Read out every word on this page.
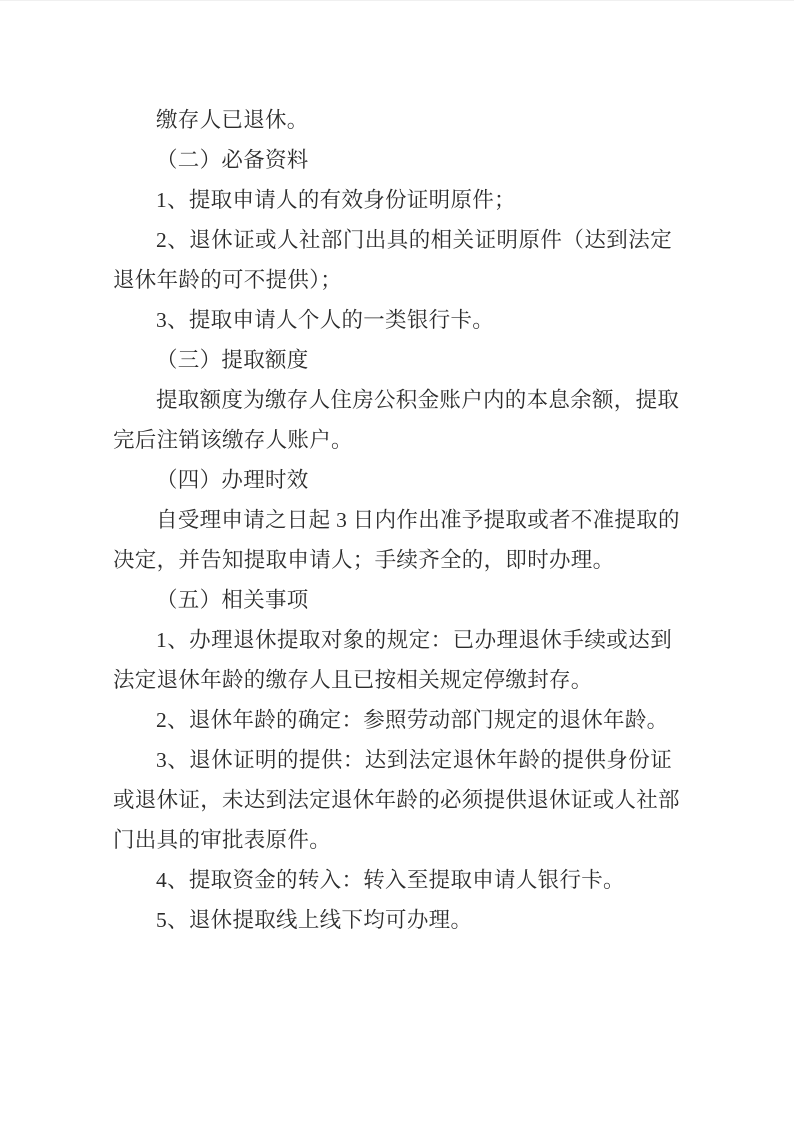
缴存人已退休。
（二）必备资料
1、提取申请人的有效身份证明原件；
2、退休证或人社部门出具的相关证明原件（达到法定
退休年龄的可不提供）；
3、提取申请人个人的一类银行卡。
（三）提取额度
提取额度为缴存人住房公积金账户内的本息余额，提取
完后注销该缴存人账户。
（四）办理时效
自受理申请之日起 3 日内作出准予提取或者不准提取的
决定，并告知提取申请人；手续齐全的，即时办理。
（五）相关事项
1、办理退休提取对象的规定：已办理退休手续或达到
法定退休年龄的缴存人且已按相关规定停缴封存。
2、退休年龄的确定：参照劳动部门规定的退休年龄。
3、退休证明的提供：达到法定退休年龄的提供身份证
或退休证，未达到法定退休年龄的必须提供退休证或人社部
门出具的审批表原件。
4、提取资金的转入：转入至提取申请人银行卡。
5、退休提取线上线下均可办理。
